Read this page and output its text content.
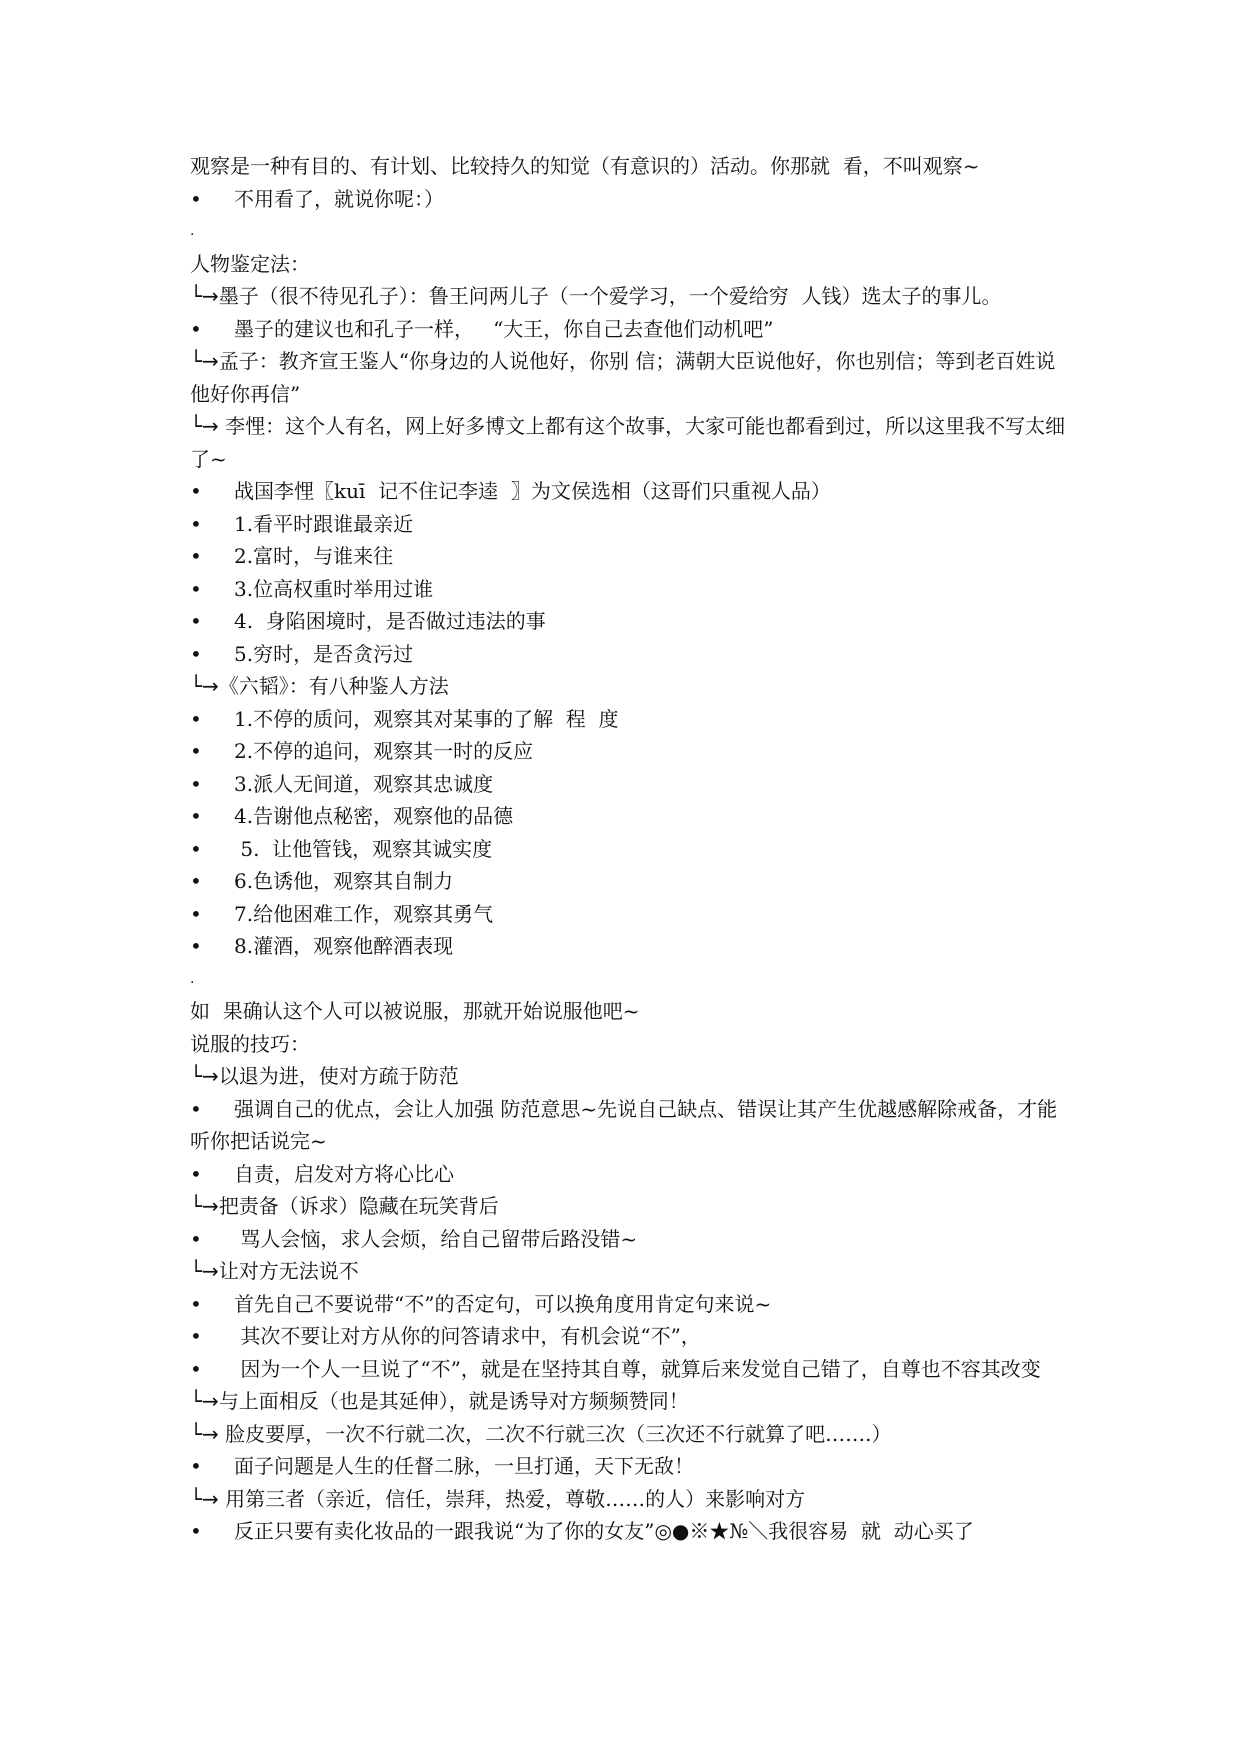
观察是一种有目的、有计划、比较持久的知觉（有意识的）活动。你那就  看，不叫观察~
• 不用看了，就说你呢：）
.
人物鉴定法：
└→墨子（很不待见孔子）：鲁王问两儿子（一个爱学习，一个爱给穷  人钱）选太子的事儿。
• 墨子的建议也和孔子一样，   “大王，你自己去查他们动机吧”
└→孟子：教齐宣王鉴人“你身边的人说他好，你别 信；满朝大臣说他好，你也别信；等到老百姓说他好你再信”
└→ 李悝：这个人有名，网上好多博文上都有这个故事，大家可能也都看到过，所以这里我不写太细了~
• 战国李悝〖kuī  记不住记李逵  〗为文侯选相（这哥们只重视人品）
• 1.看平时跟谁最亲近
• 2.富时，与谁来往
• 3.位高权重时举用过谁
• 4.  身陷困境时，是否做过违法的事
• 5.穷时，是否贪污过
└→《六韬》：有八种鉴人方法
• 1.不停的质问，观察其对某事的了解  程  度
• 2.不停的追问，观察其一时的反应
• 3.派人无间道，观察其忠诚度
• 4.告谢他点秘密，观察他的品德
• 5.  让他管钱，观察其诚实度
• 6.色诱他，观察其自制力
• 7.给他困难工作，观察其勇气
• 8.灌酒，观察他醉酒表现
.
如  果确认这个人可以被说服，那就开始说服他吧~
说服的技巧：
└→以退为进，使对方疏于防范
• 强调自己的优点，会让人加强 防范意思~先说自己缺点、错误让其产生优越感解除戒备，才能听你把话说完~
• 自责，启发对方将心比心
└→把责备（诉求）隐藏在玩笑背后
• 骂人会恼，求人会烦，给自己留带后路没错~
└→让对方无法说不
• 首先自己不要说带“不”的否定句，可以换角度用肯定句来说~
• 其次不要让对方从你的问答请求中，有机会说“不”，
• 因为一个人一旦说了“不”，就是在坚持其自尊，就算后来发觉自己错了，自尊也不容其改变
└→与上面相反（也是其延伸），就是诱导对方频频赞同！
└→ 脸皮要厚，一次不行就二次，二次不行就三次（三次还不行就算了吧…….）
• 面子问题是人生的任督二脉，一旦打通，天下无敌！
└→ 用第三者（亲近，信任，崇拜，热爱，尊敬……的人）来影响对方
• 反正只要有卖化妆品的一跟我说“为了你的女友”◎●※★№＼我很容易  就  动心买了
